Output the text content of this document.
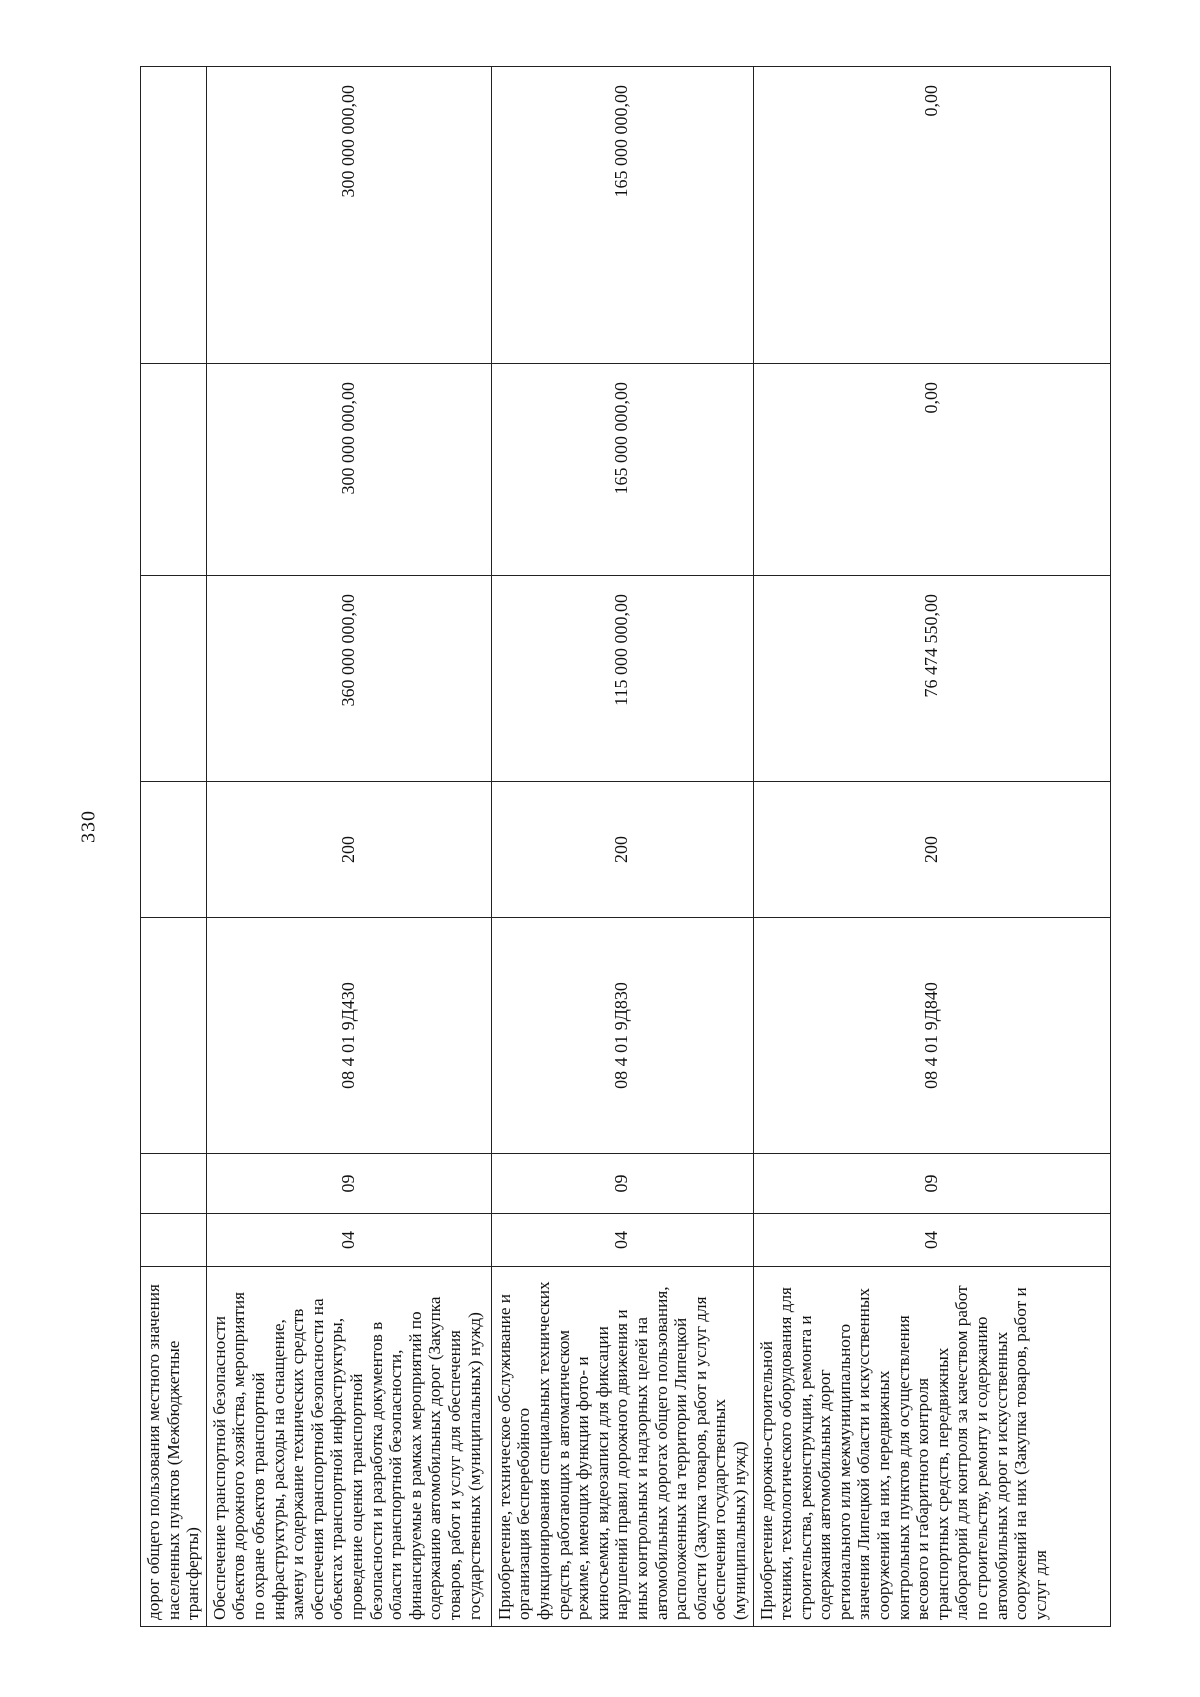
330
дорог общего пользования местного значения населенных пунктов (Межбюджетные трансферты)							
Обеспечение транспортной безопасности объектов дорожного хозяйства, мероприятия по охране объектов транспортной инфраструктуры, расходы на оснащение, замену и содержание технических средств обеспечения транспортной безопасности на объектах транспортной инфраструктуры, проведение оценки транспортной безопасности и разработка документов в области транспортной безопасности, финансируемые в рамках мероприятий по содержанию автомобильных дорог (Закупка товаров, работ и услуг для обеспечения государственных (муниципальных) нужд)	04	09	08 4 01 9Д430	200	360 000 000,00	300 000 000,00	300 000 000,00
Приобретение, техническое обслуживание и организация бесперебойного функционирования специальных технических средств, работающих в автоматическом режиме, имеющих функции фото- и киносъемки, видеозаписи для фиксации нарушений правил дорожного движения и иных контрольных и надзорных целей на автомобильных дорогах общего пользования, расположенных на территории Липецкой области (Закупка товаров, работ и услуг для обеспечения государственных (муниципальных) нужд)	04	09	08 4 01 9Д830	200	115 000 000,00	165 000 000,00	165 000 000,00
Приобретение дорожно-строительной техники, технологического оборудования для строительства, реконструкции, ремонта и содержания автомобильных дорог регионального или межмуниципального значения Липецкой области и искусственных сооружений на них, передвижных контрольных пунктов для осуществления весового и габаритного контроля транспортных средств, передвижных лабораторий для контроля за качеством работ по строительству, ремонту и содержанию автомобильных дорог и искусственных сооружений на них (Закупка товаров, работ и услуг для	04	09	08 4 01 9Д840	200	76 474 550,00	0,00	0,00
